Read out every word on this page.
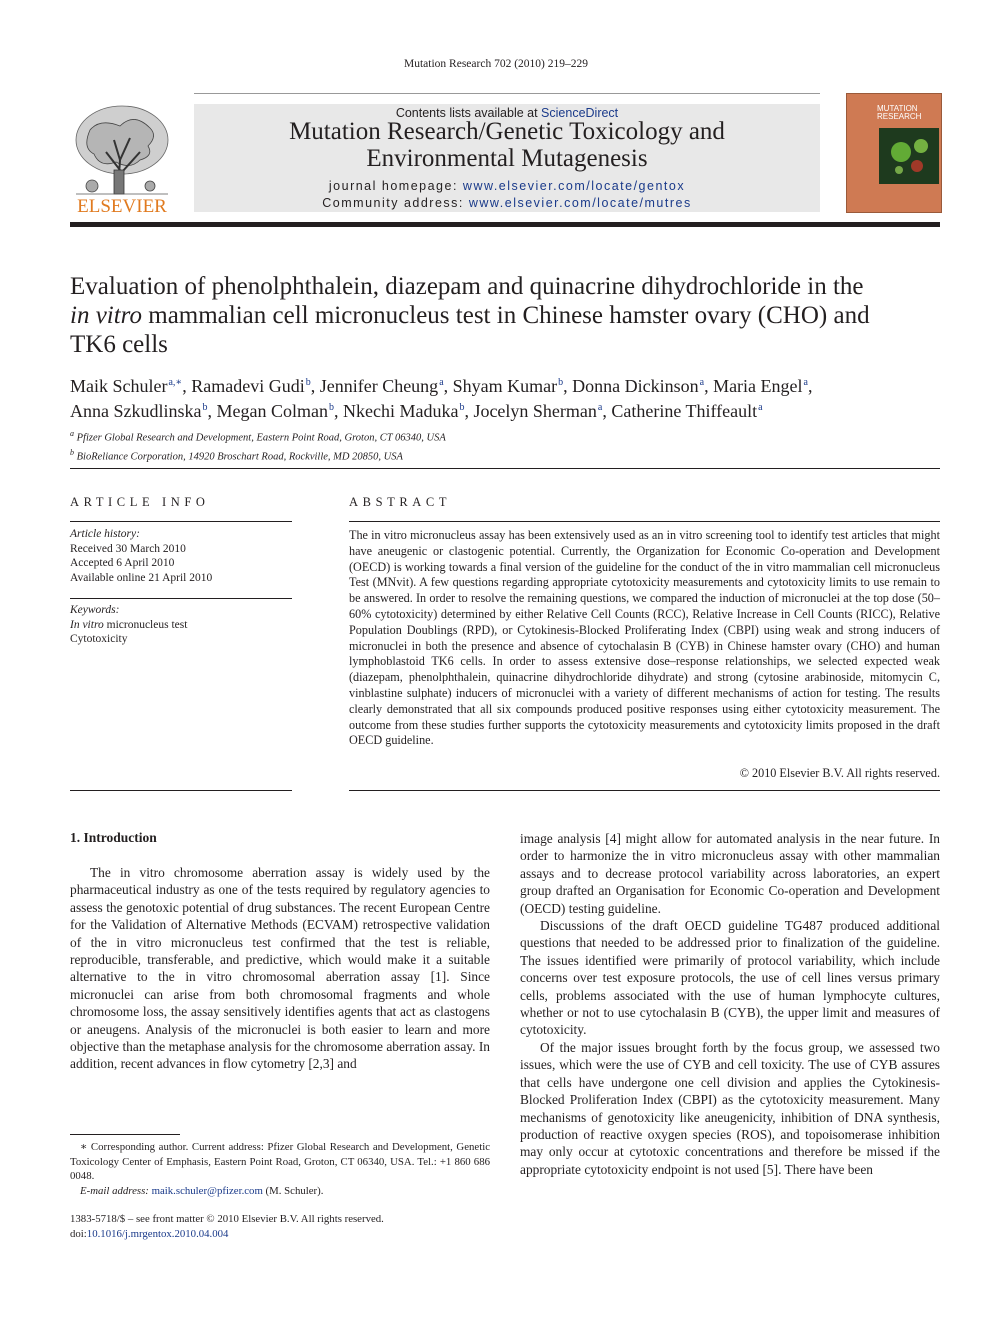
Mutation Research 702 (2010) 219–229
ELSEVIER
Contents lists available at ScienceDirect
Mutation Research/Genetic Toxicology and
Environmental Mutagenesis
journal homepage: www.elsevier.com/locate/gentox
Community address: www.elsevier.com/locate/mutres
MUTATION
RESEARCH
Evaluation of phenolphthalein, diazepam and quinacrine dihydrochloride in the
in vitro mammalian cell micronucleus test in Chinese hamster ovary (CHO) and
TK6 cells
Maik Schuler$^{a,∗}$, Ramadevi Gudi$^b$, Jennifer Cheung$^a$, Shyam Kumar$^b$, Donna Dickinson$^a$, Maria Engel$^a$,
Anna Szkudlinska$^b$, Megan Colman$^b$, Nkechi Maduka$^b$, Jocelyn Sherman$^a$, Catherine Thiffeault$^a$
$^a$ Pfizer Global Research and Development, Eastern Point Road, Groton, CT 06340, USA
$^b$ BioReliance Corporation, 14920 Broschart Road, Rockville, MD 20850, USA
ARTICLE INFO
Article history:
Received 30 March 2010
Accepted 6 April 2010
Available online 21 April 2010
Keywords:
In vitro micronucleus test
Cytotoxicity
ABSTRACT
The in vitro micronucleus assay has been extensively used as an in vitro screening tool to identify test articles that might have aneugenic or clastogenic potential. Currently, the Organization for Economic Co-operation and Development (OECD) is working towards a final version of the guideline for the conduct of the in vitro mammalian cell micronucleus Test (MNvit). A few questions regarding appropriate cytotoxicity measurements and cytotoxicity limits to use remain to be answered. In order to resolve the remaining questions, we compared the induction of micronuclei at the top dose (50–60% cytotoxicity) determined by either Relative Cell Counts (RCC), Relative Increase in Cell Counts (RICC), Relative Population Doublings (RPD), or Cytokinesis-Blocked Proliferating Index (CBPI) using weak and strong inducers of micronuclei in both the presence and absence of cytochalasin B (CYB) in Chinese hamster ovary (CHO) and human lymphoblastoid TK6 cells. In order to assess extensive dose–response relationships, we selected expected weak (diazepam, phenolphthalein, quinacrine dihydrochloride dihydrate) and strong (cytosine arabinoside, mitomycin C, vinblastine sulphate) inducers of micronuclei with a variety of different mechanisms of action for testing. The results clearly demonstrated that all six compounds produced positive responses using either cytotoxicity measurement. The outcome from these studies further supports the cytotoxicity measurements and cytotoxicity limits proposed in the draft OECD guideline.
© 2010 Elsevier B.V. All rights reserved.
1. Introduction

The in vitro chromosome aberration assay is widely used by the pharmaceutical industry as one of the tests required by regulatory agencies to assess the genotoxic potential of drug substances. The recent European Centre for the Validation of Alternative Methods (ECVAM) retrospective validation of the in vitro micronucleus test confirmed that the test is reliable, reproducible, transferable, and predictive, which would make it a suitable alternative to the in vitro chromosomal aberration assay [1]. Since micronuclei can arise from both chromosomal fragments and whole chromosome loss, the assay sensitively identifies agents that act as clastogens or aneugens. Analysis of the micronuclei is both easier to learn and more objective than the metaphase analysis for the chromosome aberration assay. In addition, recent advances in flow cytometry [2,3] and

image analysis [4] might allow for automated analysis in the near future. In order to harmonize the in vitro micronucleus assay with other mammalian assays and to decrease protocol variability across laboratories, an expert group drafted an Organisation for Economic Co-operation and Development (OECD) testing guideline.

Discussions of the draft OECD guideline TG487 produced additional questions that needed to be addressed prior to finalization of the guideline. The issues identified were primarily of protocol variability, which include concerns over test exposure protocols, the use of cell lines versus primary cells, problems associated with the use of human lymphocyte cultures, whether or not to use cytochalasin B (CYB), the upper limit and measures of cytotoxicity.

Of the major issues brought forth by the focus group, we assessed two issues, which were the use of CYB and cell toxicity. The use of CYB assures that cells have undergone one cell division and applies the Cytokinesis-Blocked Proliferation Index (CBPI) as the cytotoxicity measurement. Many mechanisms of genotoxicity like aneugenicity, inhibition of DNA synthesis, production of reactive oxygen species (ROS), and topoisomerase inhibition may only occur at cytotoxic concentrations and therefore be missed if the appropriate cytotoxicity endpoint is not used [5]. There have been

∗ Corresponding author. Current address: Pfizer Global Research and Development, Genetic Toxicology Center of Emphasis, Eastern Point Road, Groton, CT 06340, USA. Tel.: +1 860 686 0048.

E-mail address: maik.schuler@pfizer.com (M. Schuler).

1383-5718/$ – see front matter © 2010 Elsevier B.V. All rights reserved.
doi:10.1016/j.mrgentox.2010.04.004
